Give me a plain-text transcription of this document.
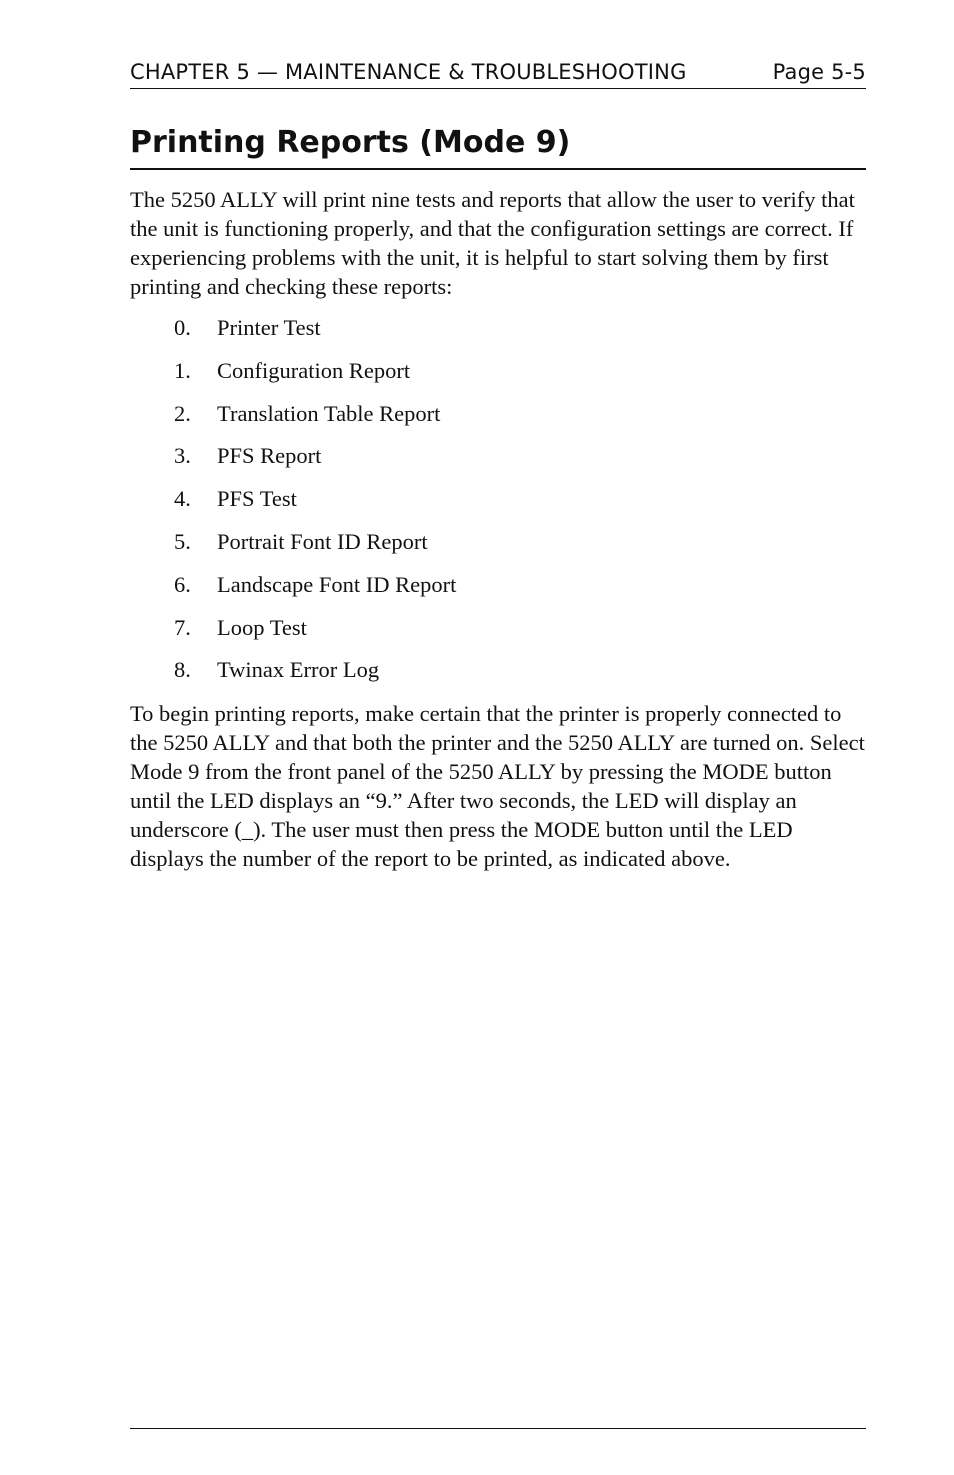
CHAPTER 5 — MAINTENANCE & TROUBLESHOOTING	Page 5-5
Printing Reports (Mode 9)

The 5250 ALLY will print nine tests and reports that allow the user to verify that the unit is functioning properly, and that the configuration settings are correct. If experiencing problems with the unit, it is helpful to start solving them by first printing and checking these reports:

0. Printer Test
1. Configuration Report
2. Translation Table Report
3. PFS Report
4. PFS Test
5. Portrait Font ID Report
6. Landscape Font ID Report
7. Loop Test
8. Twinax Error Log

To begin printing reports, make certain that the printer is properly connected to the 5250 ALLY and that both the printer and the 5250 ALLY are turned on. Select Mode 9 from the front panel of the 5250 ALLY by pressing the MODE button until the LED displays an “9.” After two seconds, the LED will display an underscore (_). The user must then press the MODE button until the LED displays the number of the report to be printed, as indicated above.
